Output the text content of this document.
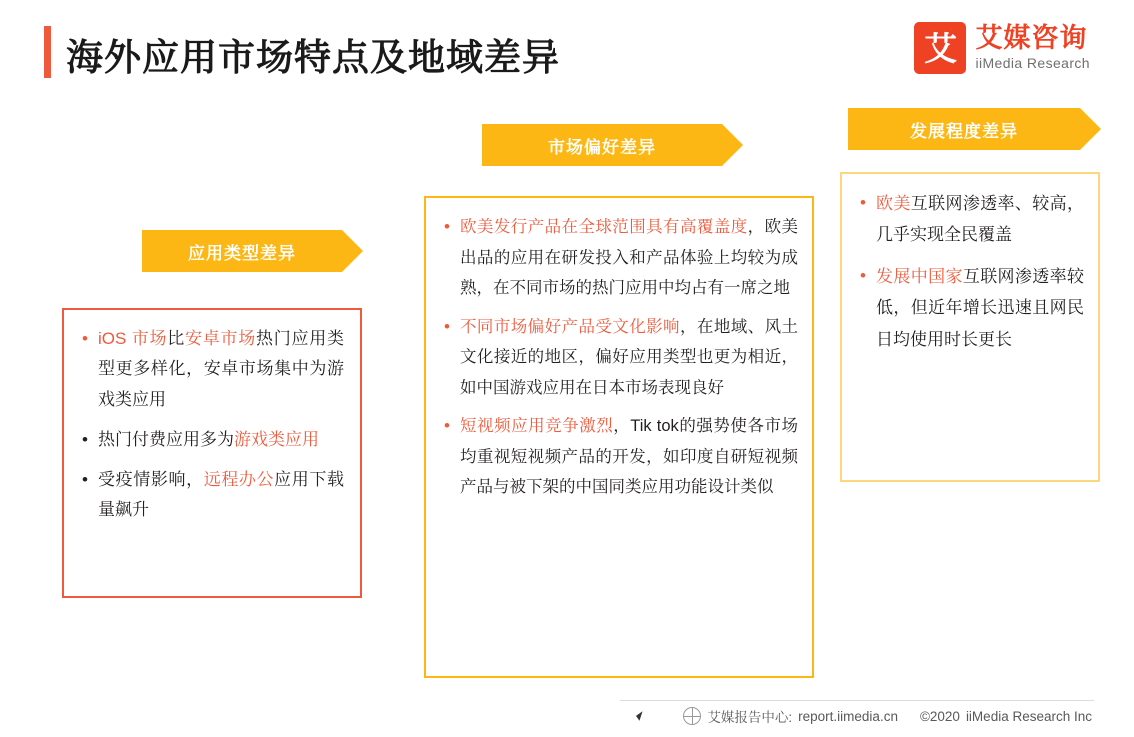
海外应用市场特点及地域差异	艾 艾媒咨询
iiMedia Research
应用类型差异
市场偏好差异
发展程度差异
• iOS 市场比安卓市场热门应用类型更多样化，安卓市场集中为游戏类应用
• 热门付费应用多为游戏类应用
• 受疫情影响，远程办公应用下载量飙升
• 欧美发行产品在全球范围具有高覆盖度，欧美出品的应用在研发投入和产品体验上均较为成熟，在不同市场的热门应用中均占有一席之地
• 不同市场偏好产品受文化影响，在地域、风土文化接近的地区，偏好应用类型也更为相近，如中国游戏应用在日本市场表现良好
• 短视频应用竞争激烈，Tik tok的强势使各市场均重视短视频产品的开发，如印度自研短视频产品与被下架的中国同类应用功能设计类似
• 欧美互联网渗透率、较高，几乎实现全民覆盖
• 发展中国家互联网渗透率较低，但近年增长迅速且网民日均使用时长更长
艾媒报告中心: report.iimedia.cn ©2020 iiMedia Research Inc
